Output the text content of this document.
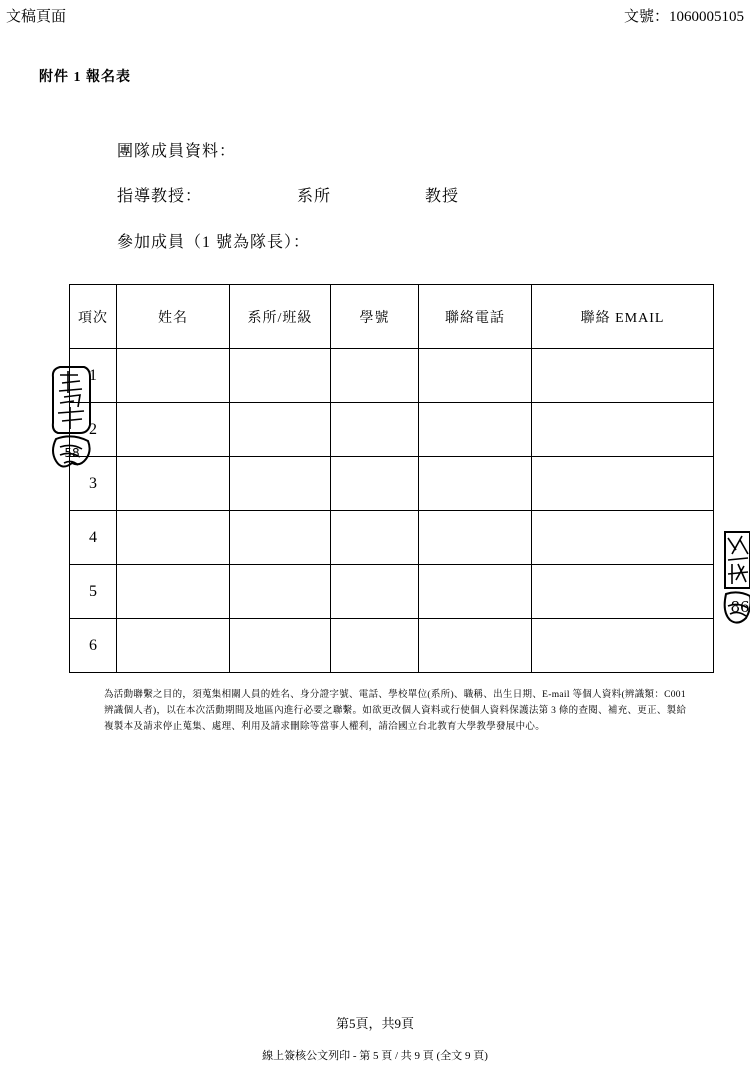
文稿頁面	文號：1060005105
附件 1 報名表
團隊成員資料：
指導教授：	系所	教授
參加成員（1 號為隊長）：
項次	姓名	系所/班級	學號	聯絡電話	聯絡 EMAIL
1					
2					
3					
4					
5					
6					
為活動聯繫之目的，須蒐集相關人員的姓名、身分證字號、電話、學校單位(系所)、職稱、出生日期、E-mail 等個人資料(辨識類：C001 辨識個人者)，以在本次活動期間及地區內進行必要之聯繫。如欲更改個人資料或行使個人資料保護法第 3 條的查閱、補充、更正、製給複製本及請求停止蒐集、處理、利用及請求刪除等當事人權利，請洽國立台北教育大學教學發展中心。
58
86
第5頁，共9頁
線上簽核公文列印 - 第 5 頁 / 共 9 頁 (全文 9 頁)
